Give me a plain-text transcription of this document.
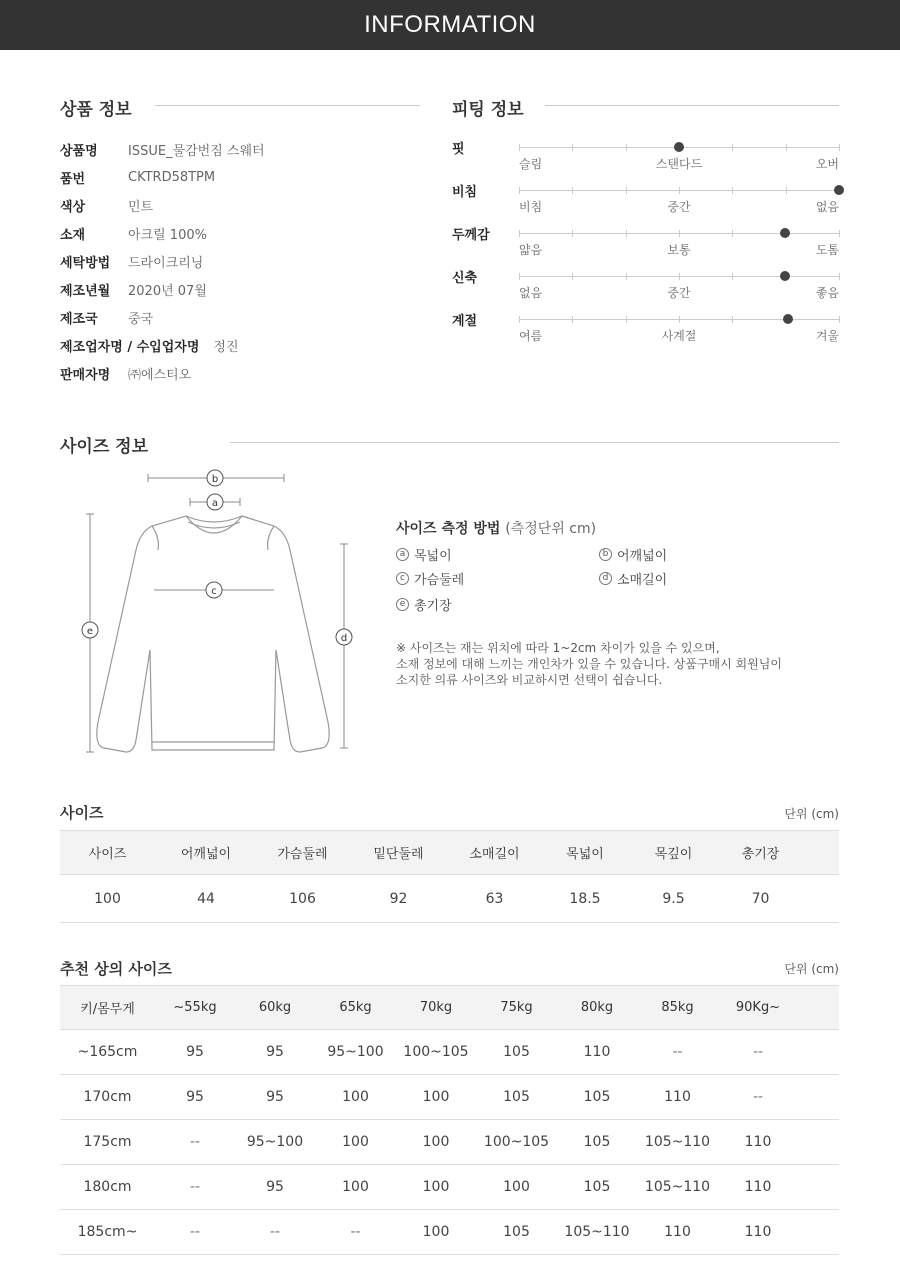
INFORMATION
상품 정보
상품명	ISSUE_물감번짐 스웨터
품번	CKTRD58TPM
색상	민트
소재	아크릴 100%
세탁방법	드라이크리닝
제조년월	2020년 07월
제조국	중국
제조업자명 / 수입업자명 정진
판매자명	㈜에스티오
피팅 정보
핏
슬림	스탠다드	오버
비침
비침	중간	없음
두께감
얇음	보통	도톰
신축
없음	중간	좋음
계절
여름	사계절	겨울
사이즈 정보
b
a
c
d
e
사이즈 측정 방법 (측정단위 cm)
a 목넓이	b 어깨넓이
c 가슴둘레	d 소매길이
e 총기장
※ 사이즈는 재는 위치에 따라 1~2cm 차이가 있을 수 있으며,
소재 정보에 대해 느끼는 개인차가 있을 수 있습니다. 상품구매시 회원님이
소지한 의류 사이즈와 비교하시면 선택이 쉽습니다.
사이즈	단위 (cm)
사이즈	어깨넓이	가슴둘레	밑단둘레	소매길이	목넓이	목깊이	총기장	
100	44	106	92	63	18.5	9.5	70	
추천 상의 사이즈	단위 (cm)
키/몸무게	~55kg	60kg	65kg	70kg	75kg	80kg	85kg	90Kg~	
~165cm	95	95	95~100	100~105	105	110	--	--	
170cm	95	95	100	100	105	105	110	--	
175cm	--	95~100	100	100	100~105	105	105~110	110	
180cm	--	95	100	100	100	105	105~110	110	
185cm~	--	--	--	100	105	105~110	110	110	
